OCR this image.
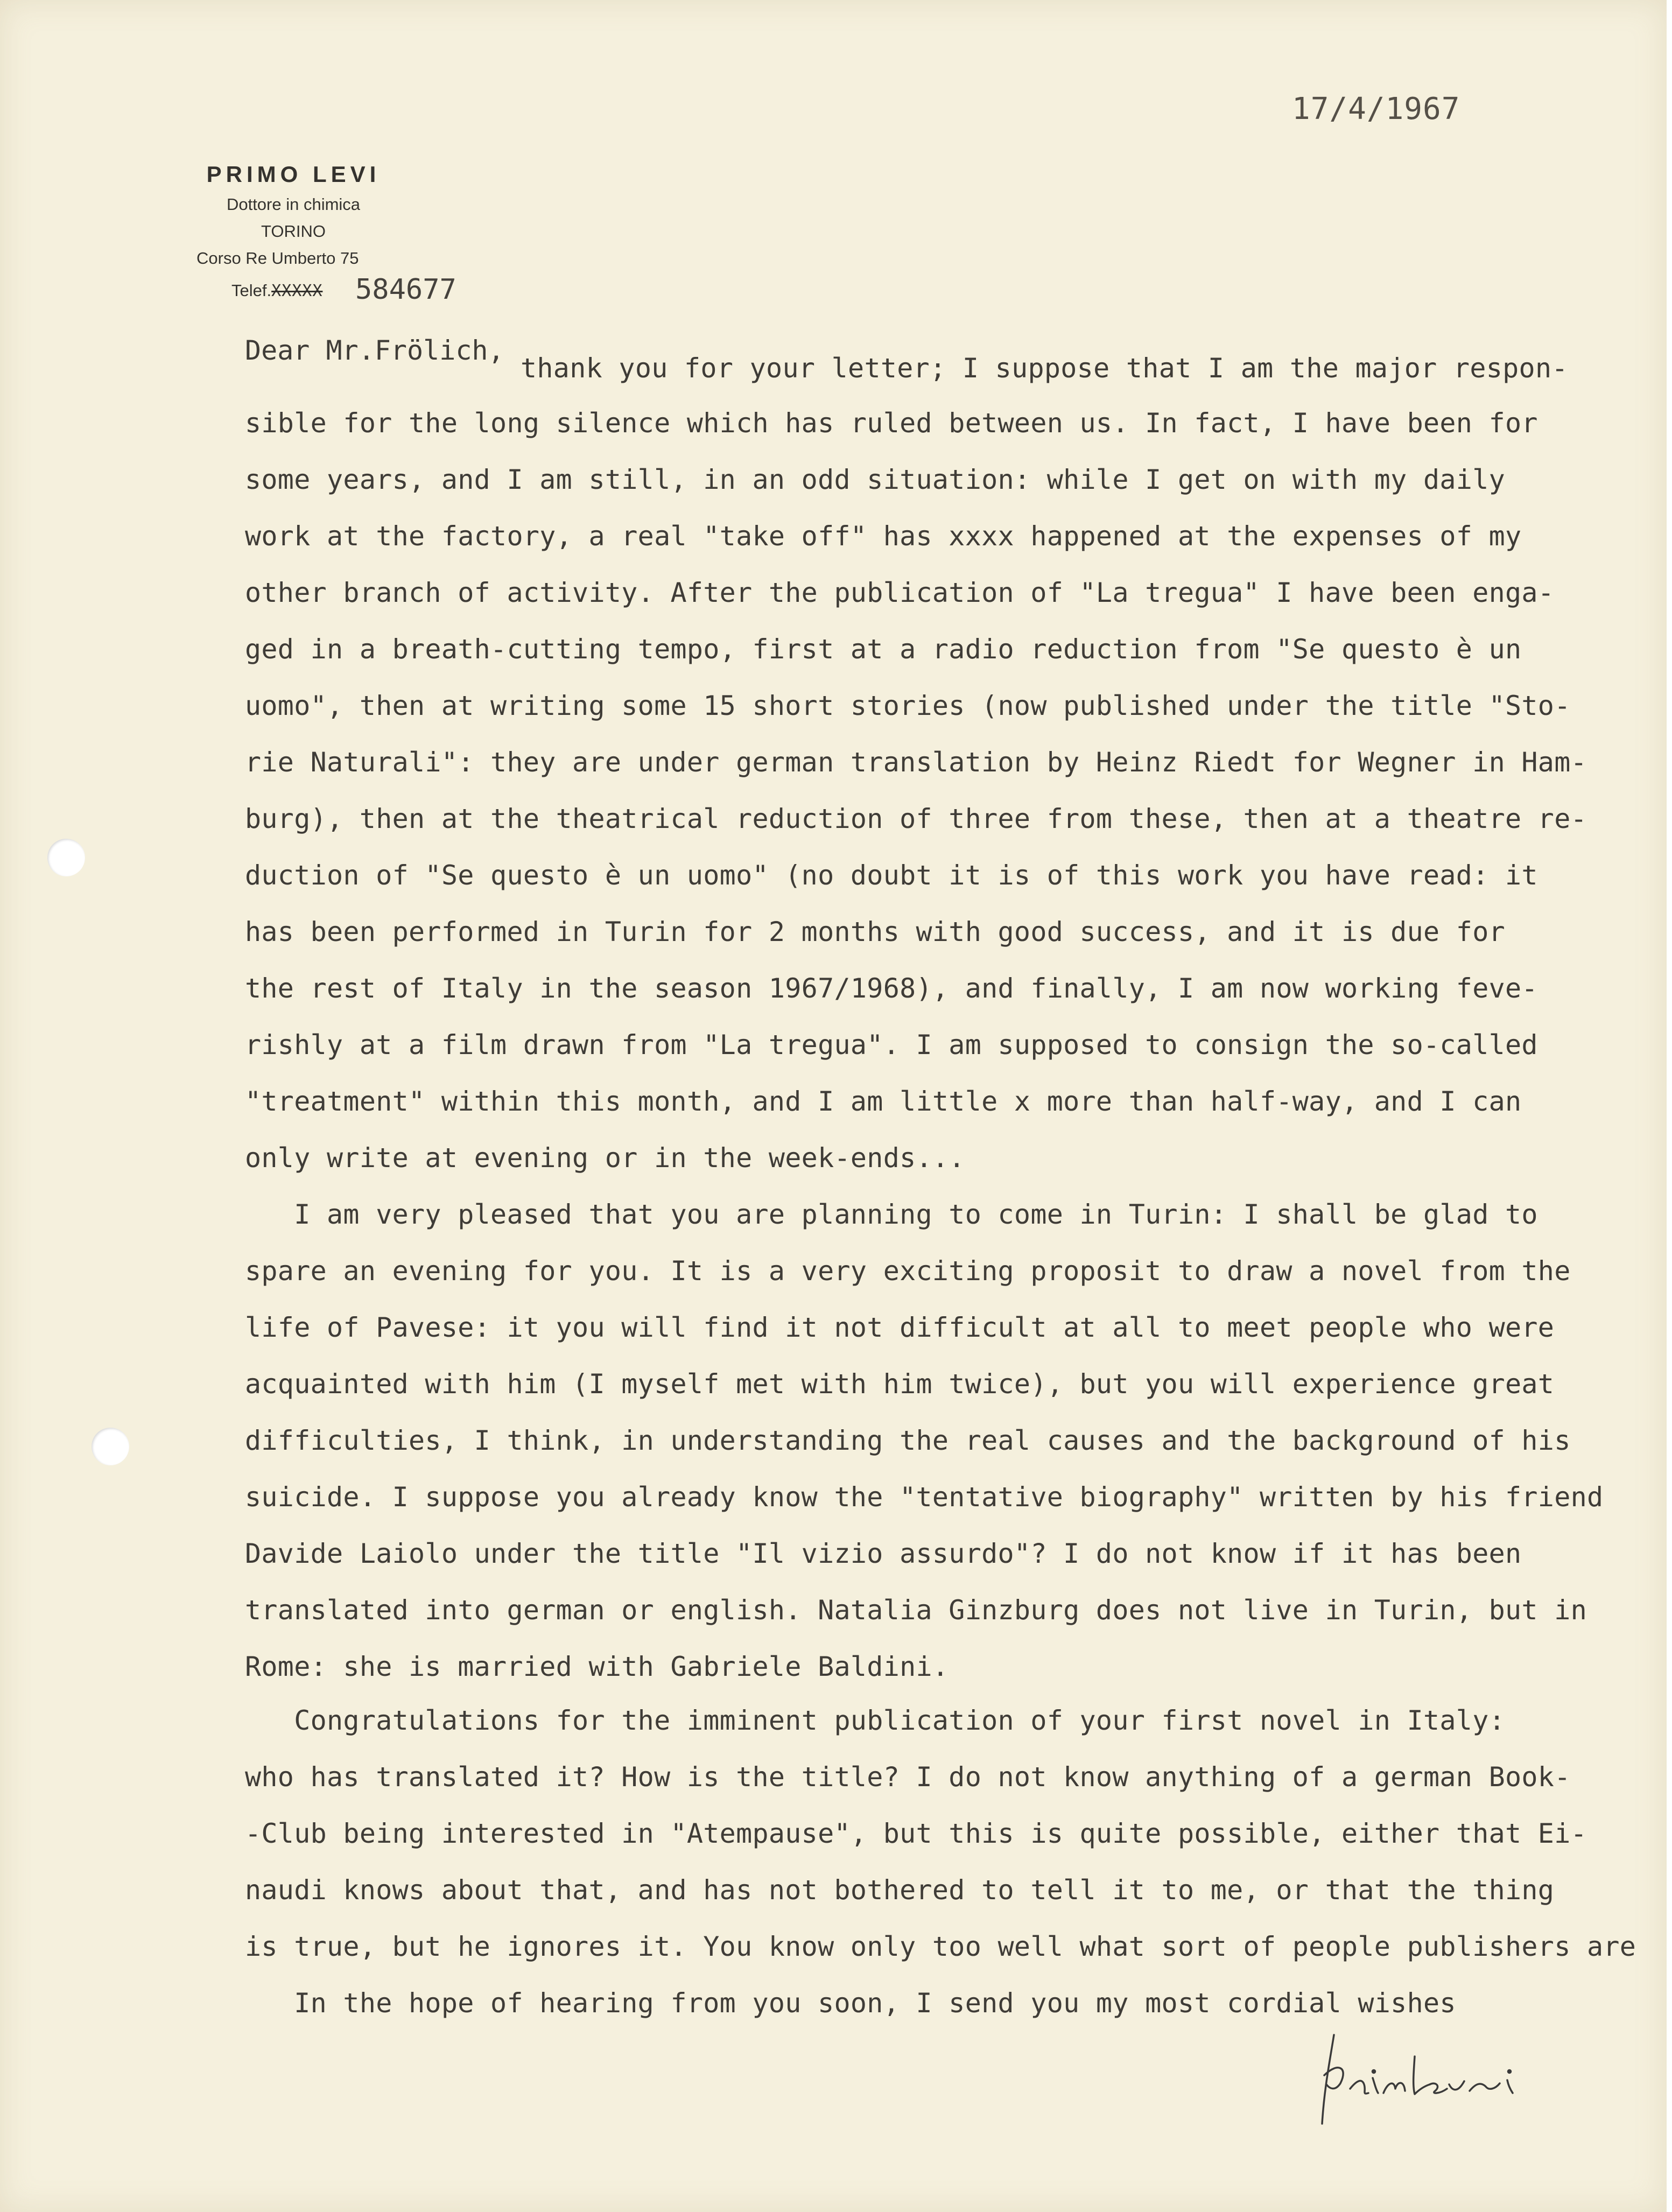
17/4/1967
PRIMO LEVI
Dottore in chimica
TORINO
Corso Re Umberto 75
Telef.XXXXX 584677
Dear Mr.Frölich,
thank you for your letter; I suppose that I am the major respon-
sible for the long silence which has ruled between us. In fact, I have been for
some years, and I am still, in an odd situation: while I get on with my daily
work at the factory, a real "take off" has xxxx happened at the expenses of my
other branch of activity. After the publication of "La tregua" I have been enga-
ged in a breath-cutting tempo, first at a radio reduction from "Se questo è un
uomo", then at writing some 15 short stories (now published under the title "Sto-
rie Naturali": they are under german translation by Heinz Riedt for Wegner in Ham-
burg), then at the theatrical reduction of three from these, then at a theatre re-
duction of "Se questo è un uomo" (no doubt it is of this work you have read: it
has been performed in Turin for 2 months with good success, and it is due for
the rest of Italy in the season 1967/1968), and finally, I am now working feve-
rishly at a film drawn from "La tregua". I am supposed to consign the so-called
"treatment" within this month, and I am little x more than half-way, and I can
only write at evening or in the week-ends...
I am very pleased that you are planning to come in Turin: I shall be glad to
spare an evening for you. It is a very exciting proposit to draw a novel from the
life of Pavese: it you will find it not difficult at all to meet people who were
acquainted with him (I myself met with him twice), but you will experience great
difficulties, I think, in understanding the real causes and the background of his
suicide. I suppose you already know the "tentative biography" written by his friend
Davide Laiolo under the title "Il vizio assurdo"? I do not know if it has been
translated into german or english. Natalia Ginzburg does not live in Turin, but in
Rome: she is married with Gabriele Baldini.
Congratulations for the imminent publication of your first novel in Italy:
who has translated it? How is the title? I do not know anything of a german Book-
-Club being interested in "Atempause", but this is quite possible, either that Ei-
naudi knows about that, and has not bothered to tell it to me, or that the thing
is true, but he ignores it. You know only too well what sort of people publishers are
In the hope of hearing from you soon, I send you my most cordial wishes
